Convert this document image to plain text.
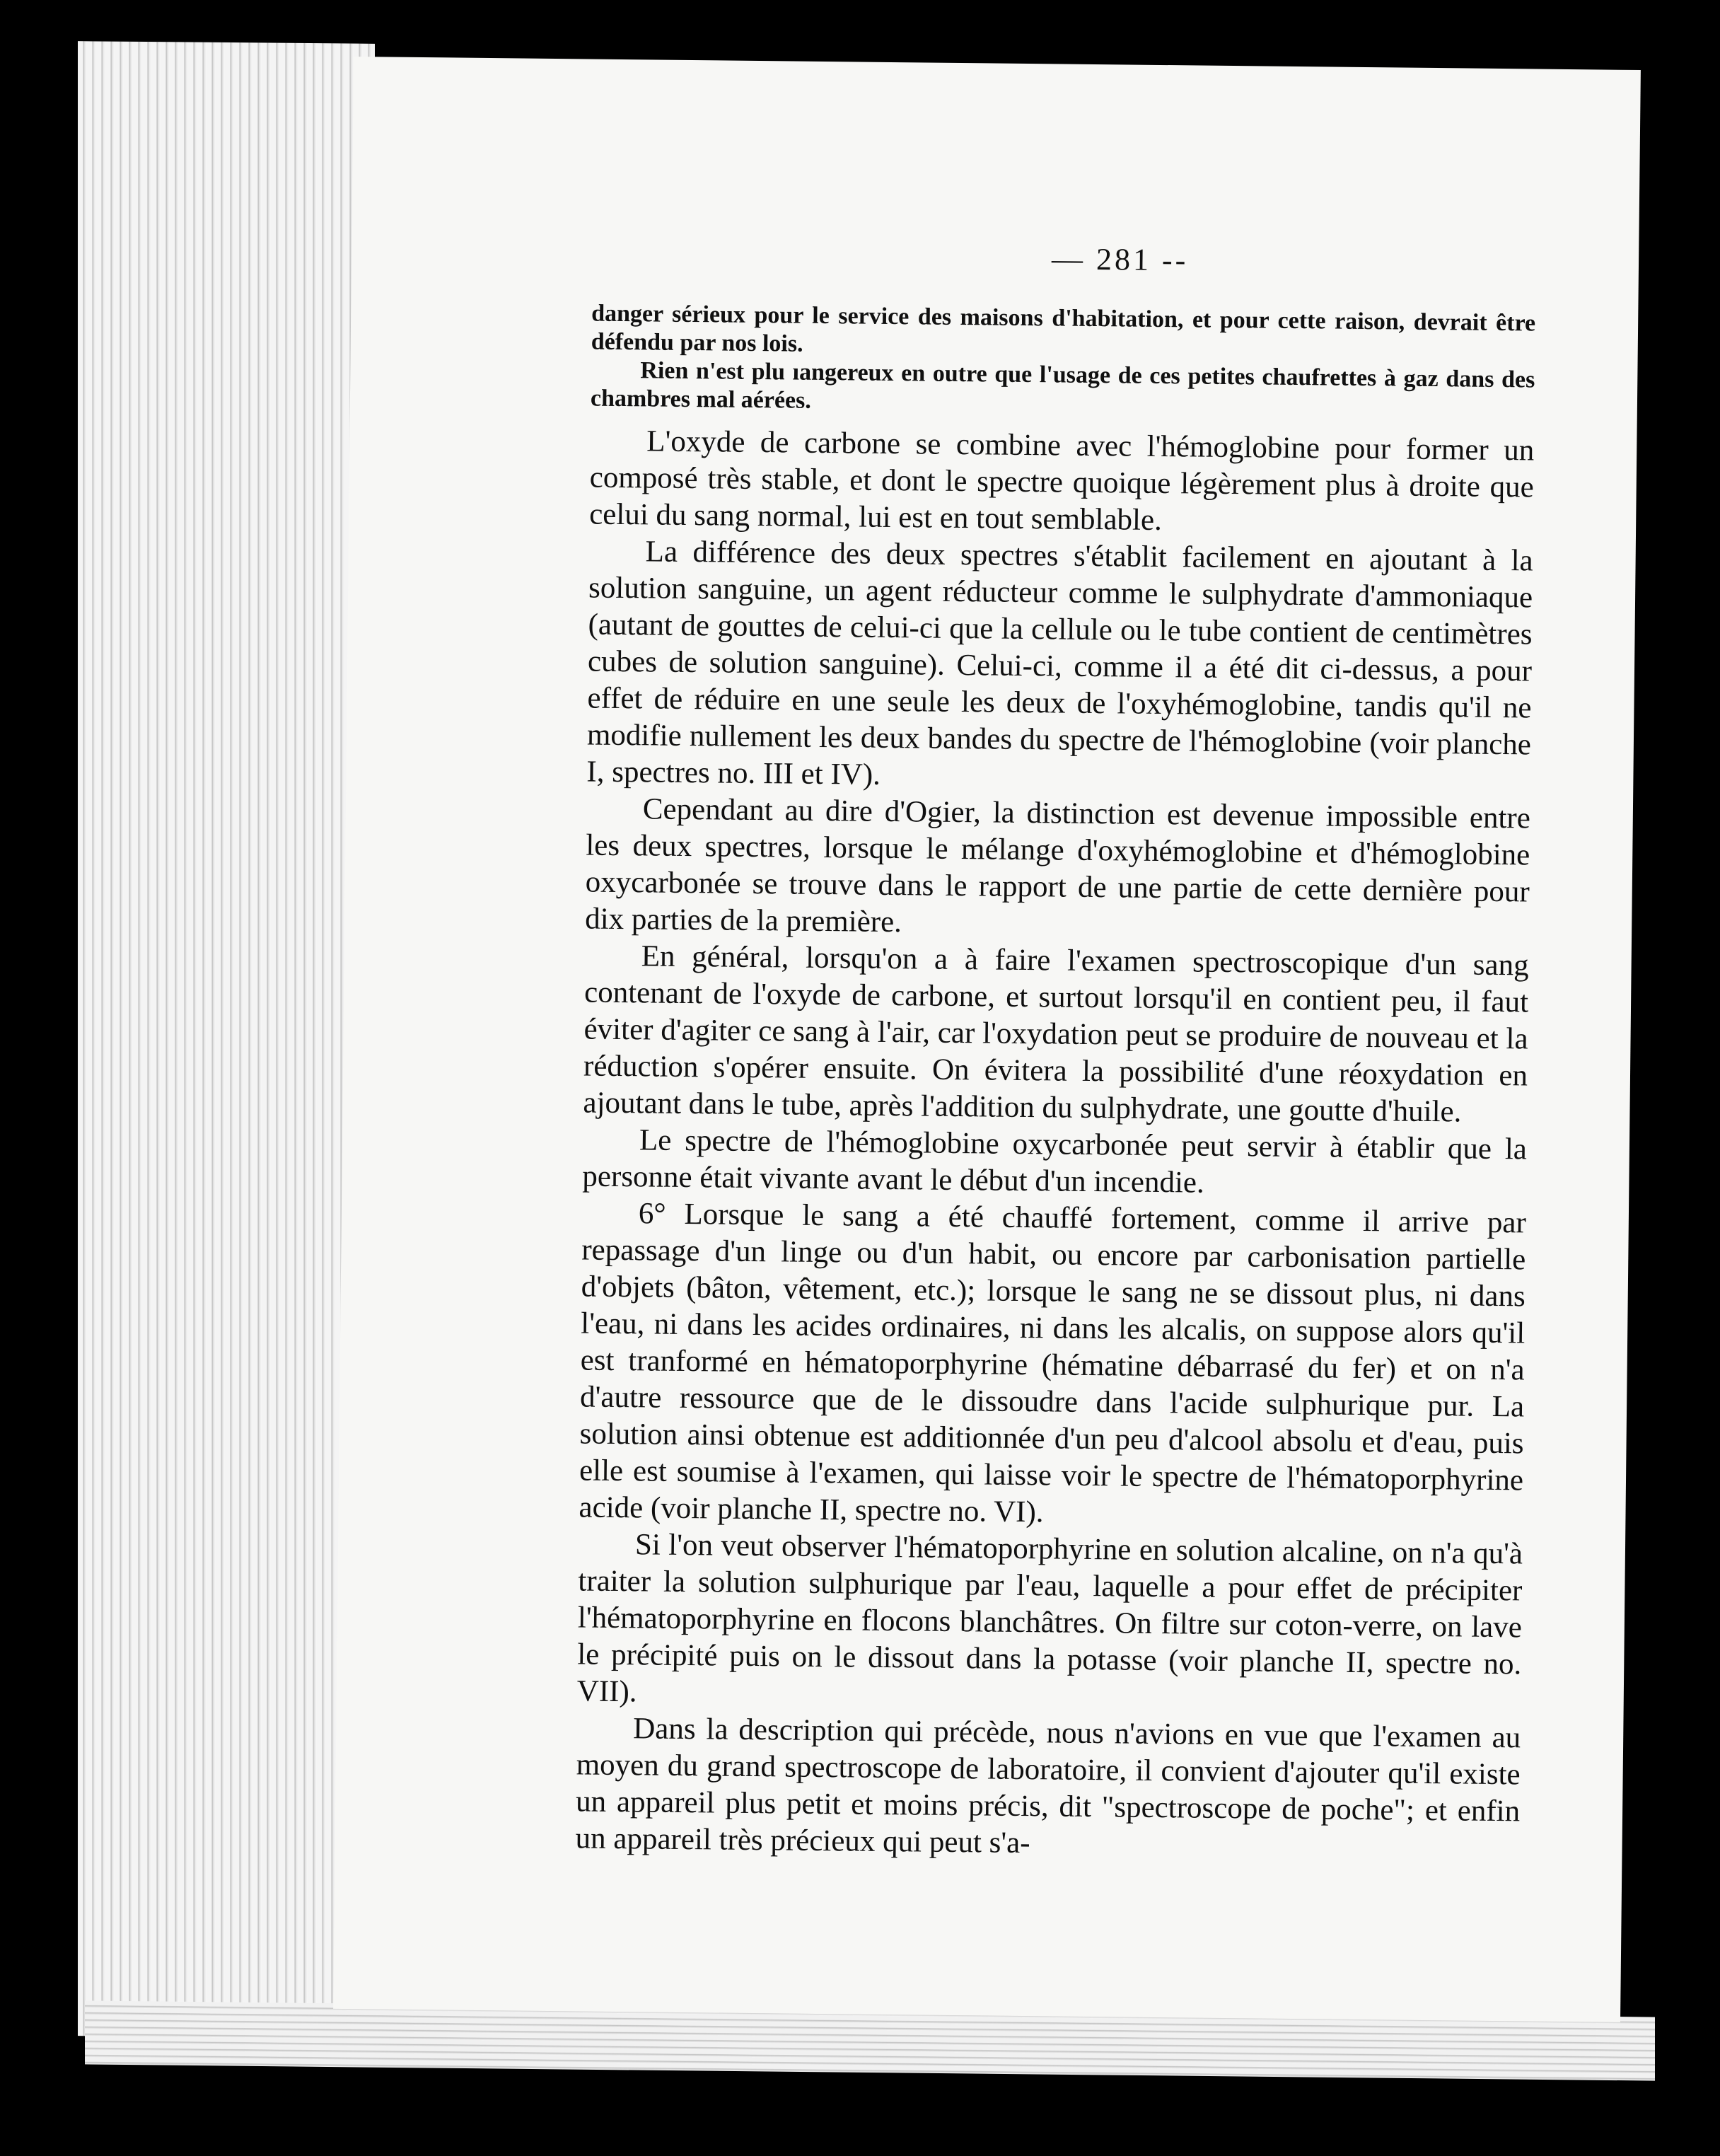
— 281 --

danger sérieux pour le service des maisons d'habitation, et pour cette raison, devrait être défendu par nos lois.

Rien n'est plu ıangereux en outre que l'usage de ces petites chaufrettes à gaz dans des chambres mal aérées.

L'oxyde de carbone se combine avec l'hémoglobine pour former un composé très stable, et dont le spectre quoique légèrement plus à droite que celui du sang normal, lui est en tout semblable.

La différence des deux spectres s'établit facilement en ajoutant à la solution sanguine, un agent réducteur comme le sulphydrate d'ammoniaque (autant de gouttes de celui-ci que la cellule ou le tube contient de centimètres cubes de solution sanguine). Celui-ci, comme il a été dit ci-dessus, a pour effet de réduire en une seule les deux de l'oxyhémoglobine, tandis qu'il ne modifie nullement les deux bandes du spectre de l'hémoglobine (voir planche I, spectres no. III et IV).

Cependant au dire d'Ogier, la distinction est devenue impossible entre les deux spectres, lorsque le mélange d'oxyhémoglobine et d'hémoglobine oxycarbonée se trouve dans le rapport de une partie de cette dernière pour dix parties de la première.

En général, lorsqu'on a à faire l'examen spectroscopique d'un sang contenant de l'oxyde de carbone, et surtout lorsqu'il en contient peu, il faut éviter d'agiter ce sang à l'air, car l'oxydation peut se produire de nouveau et la réduction s'opérer ensuite. On évitera la possibilité d'une réoxydation en ajoutant dans le tube, après l'addition du sulphydrate, une goutte d'huile.

Le spectre de l'hémoglobine oxycarbonée peut servir à établir que la personne était vivante avant le début d'un incendie.

6° Lorsque le sang a été chauffé fortement, comme il arrive par repassage d'un linge ou d'un habit, ou encore par carbonisation partielle d'objets (bâton, vêtement, etc.); lorsque le sang ne se dissout plus, ni dans l'eau, ni dans les acides ordinaires, ni dans les alcalis, on suppose alors qu'il est tranformé en hématoporphyrine (hématine débarrasé du fer) et on n'a d'autre ressource que de le dissoudre dans l'acide sulphurique pur. La solution ainsi obtenue est additionnée d'un peu d'alcool absolu et d'eau, puis elle est soumise à l'examen, qui laisse voir le spectre de l'hématoporphyrine acide (voir planche II, spectre no. VI).

Si l'on veut observer l'hématoporphyrine en solution alcaline, on n'a qu'à traiter la solution sulphurique par l'eau, laquelle a pour effet de précipiter l'hématoporphyrine en flocons blanchâtres. On filtre sur coton-verre, on lave le précipité puis on le dissout dans la potasse (voir planche II, spectre no. VII).

Dans la description qui précède, nous n'avions en vue que l'examen au moyen du grand spectroscope de laboratoire, il convient d'ajouter qu'il existe un appareil plus petit et moins précis, dit "spectroscope de poche"; et enfin un appareil très précieux qui peut s'a-
